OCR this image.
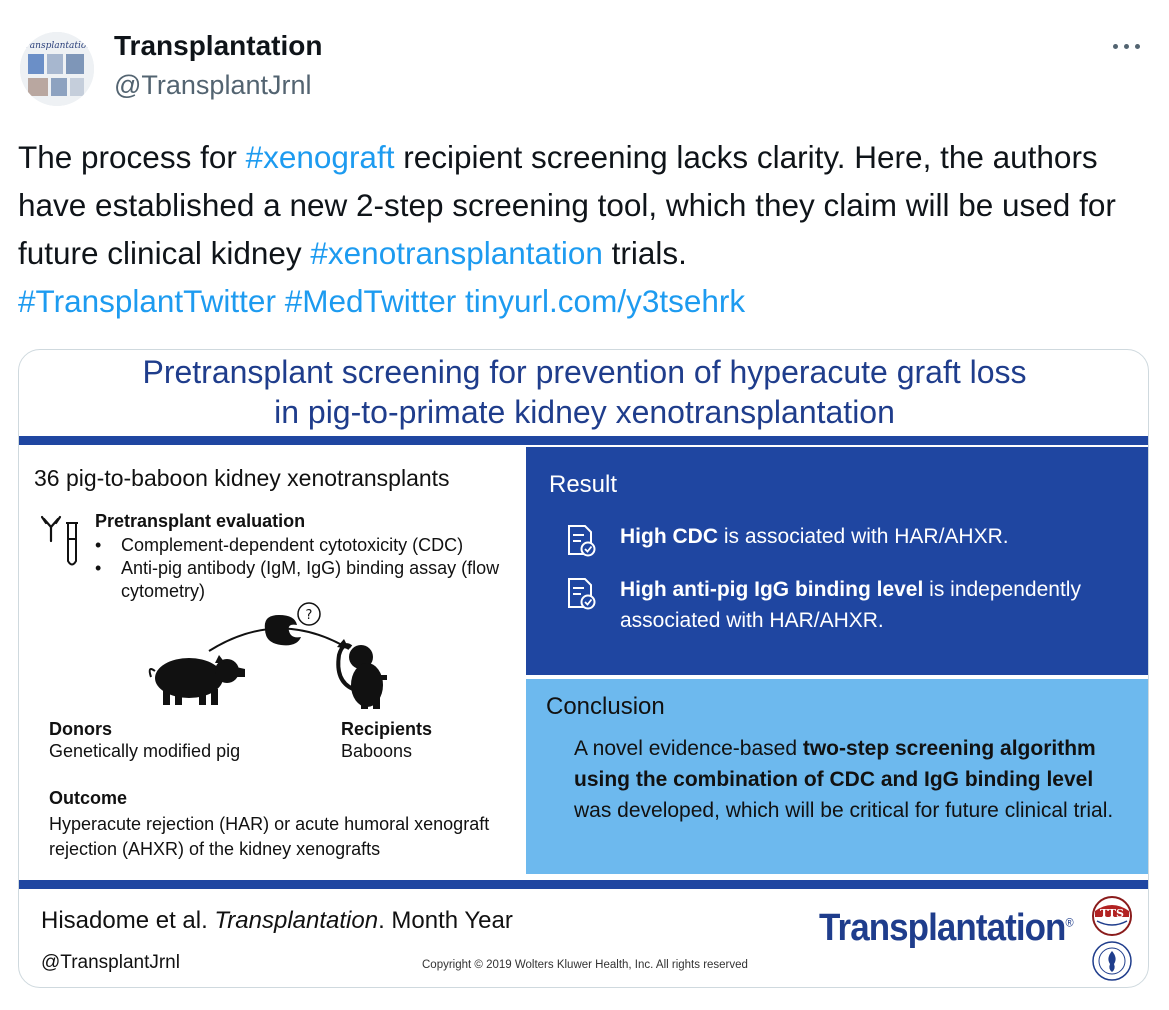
transplantation Transplantation
@TransplantJrnl
The process for #xenograft recipient screening lacks clarity. Here, the authors have established a new 2-step screening tool, which they claim will be used for future clinical kidney #xenotransplantation trials.
#TransplantTwitter #MedTwitter tinyurl.com/y3tsehrk
Pretransplant screening for prevention of hyperacute graft loss
in pig-to-primate kidney xenotransplantation
36 pig-to-baboon kidney xenotransplants
Pretransplant evaluation
• Complement-dependent cytotoxicity (CDC)
• Anti-pig antibody (IgM, IgG) binding assay (flow cytometry)
?
Donors
Genetically modified pig
Recipients
Baboons
Outcome
Hyperacute rejection (HAR) or acute humoral xenograft rejection (AHXR) of the kidney xenografts
Result
High CDC is associated with HAR/AHXR.
High anti-pig IgG binding level is independently associated with HAR/AHXR.
Conclusion
A novel evidence-based two-step screening algorithm using the combination of CDC and IgG binding level was developed, which will be critical for future clinical trial.
Hisadome et al. Transplantation. Month Year
@TransplantJrnl	Copyright © 2019 Wolters Kluwer Health, Inc. All rights reserved
Transplantation®
TTS
